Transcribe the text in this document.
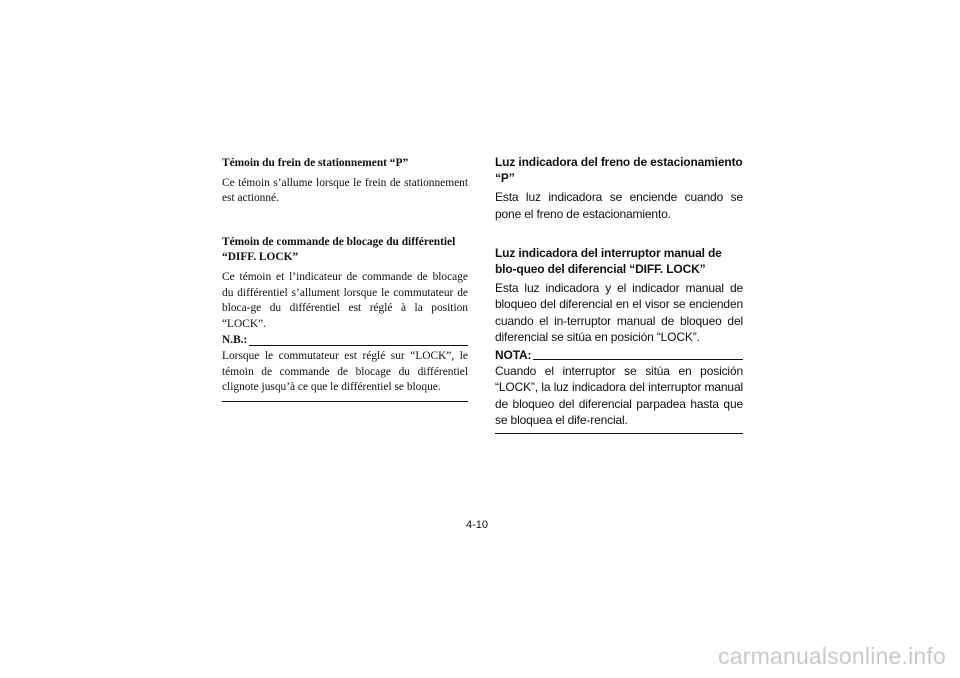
Témoin du frein de stationnement “P”

Ce témoin s’allume lorsque le frein de stationnement est actionné.

Témoin de commande de blocage du différentiel “DIFF. LOCK”

Ce témoin et l’indicateur de commande de blocage du différentiel s’allument lorsque le commutateur de bloca-ge du différentiel est réglé à la position “LOCK”.

N.B.:

Lorsque le commutateur est réglé sur “LOCK”, le témoin de commande de blocage du différentiel clignote jusqu’à ce que le différentiel se bloque.

Luz indicadora del freno de estacionamiento “P”

Esta luz indicadora se enciende cuando se pone el freno de estacionamiento.

Luz indicadora del interruptor manual de blo-queo del diferencial “DIFF. LOCK”

Esta luz indicadora y el indicador manual de bloqueo del diferencial en el visor se encienden cuando el in-terruptor manual de bloqueo del diferencial se sitúa en posición “LOCK”.

NOTA:

Cuando el interruptor se sitúa en posición “LOCK”, la luz indicadora del interruptor manual de bloqueo del diferencial parpadea hasta que se bloquea el dife-rencial.

4-10
carmanualsonline.info
